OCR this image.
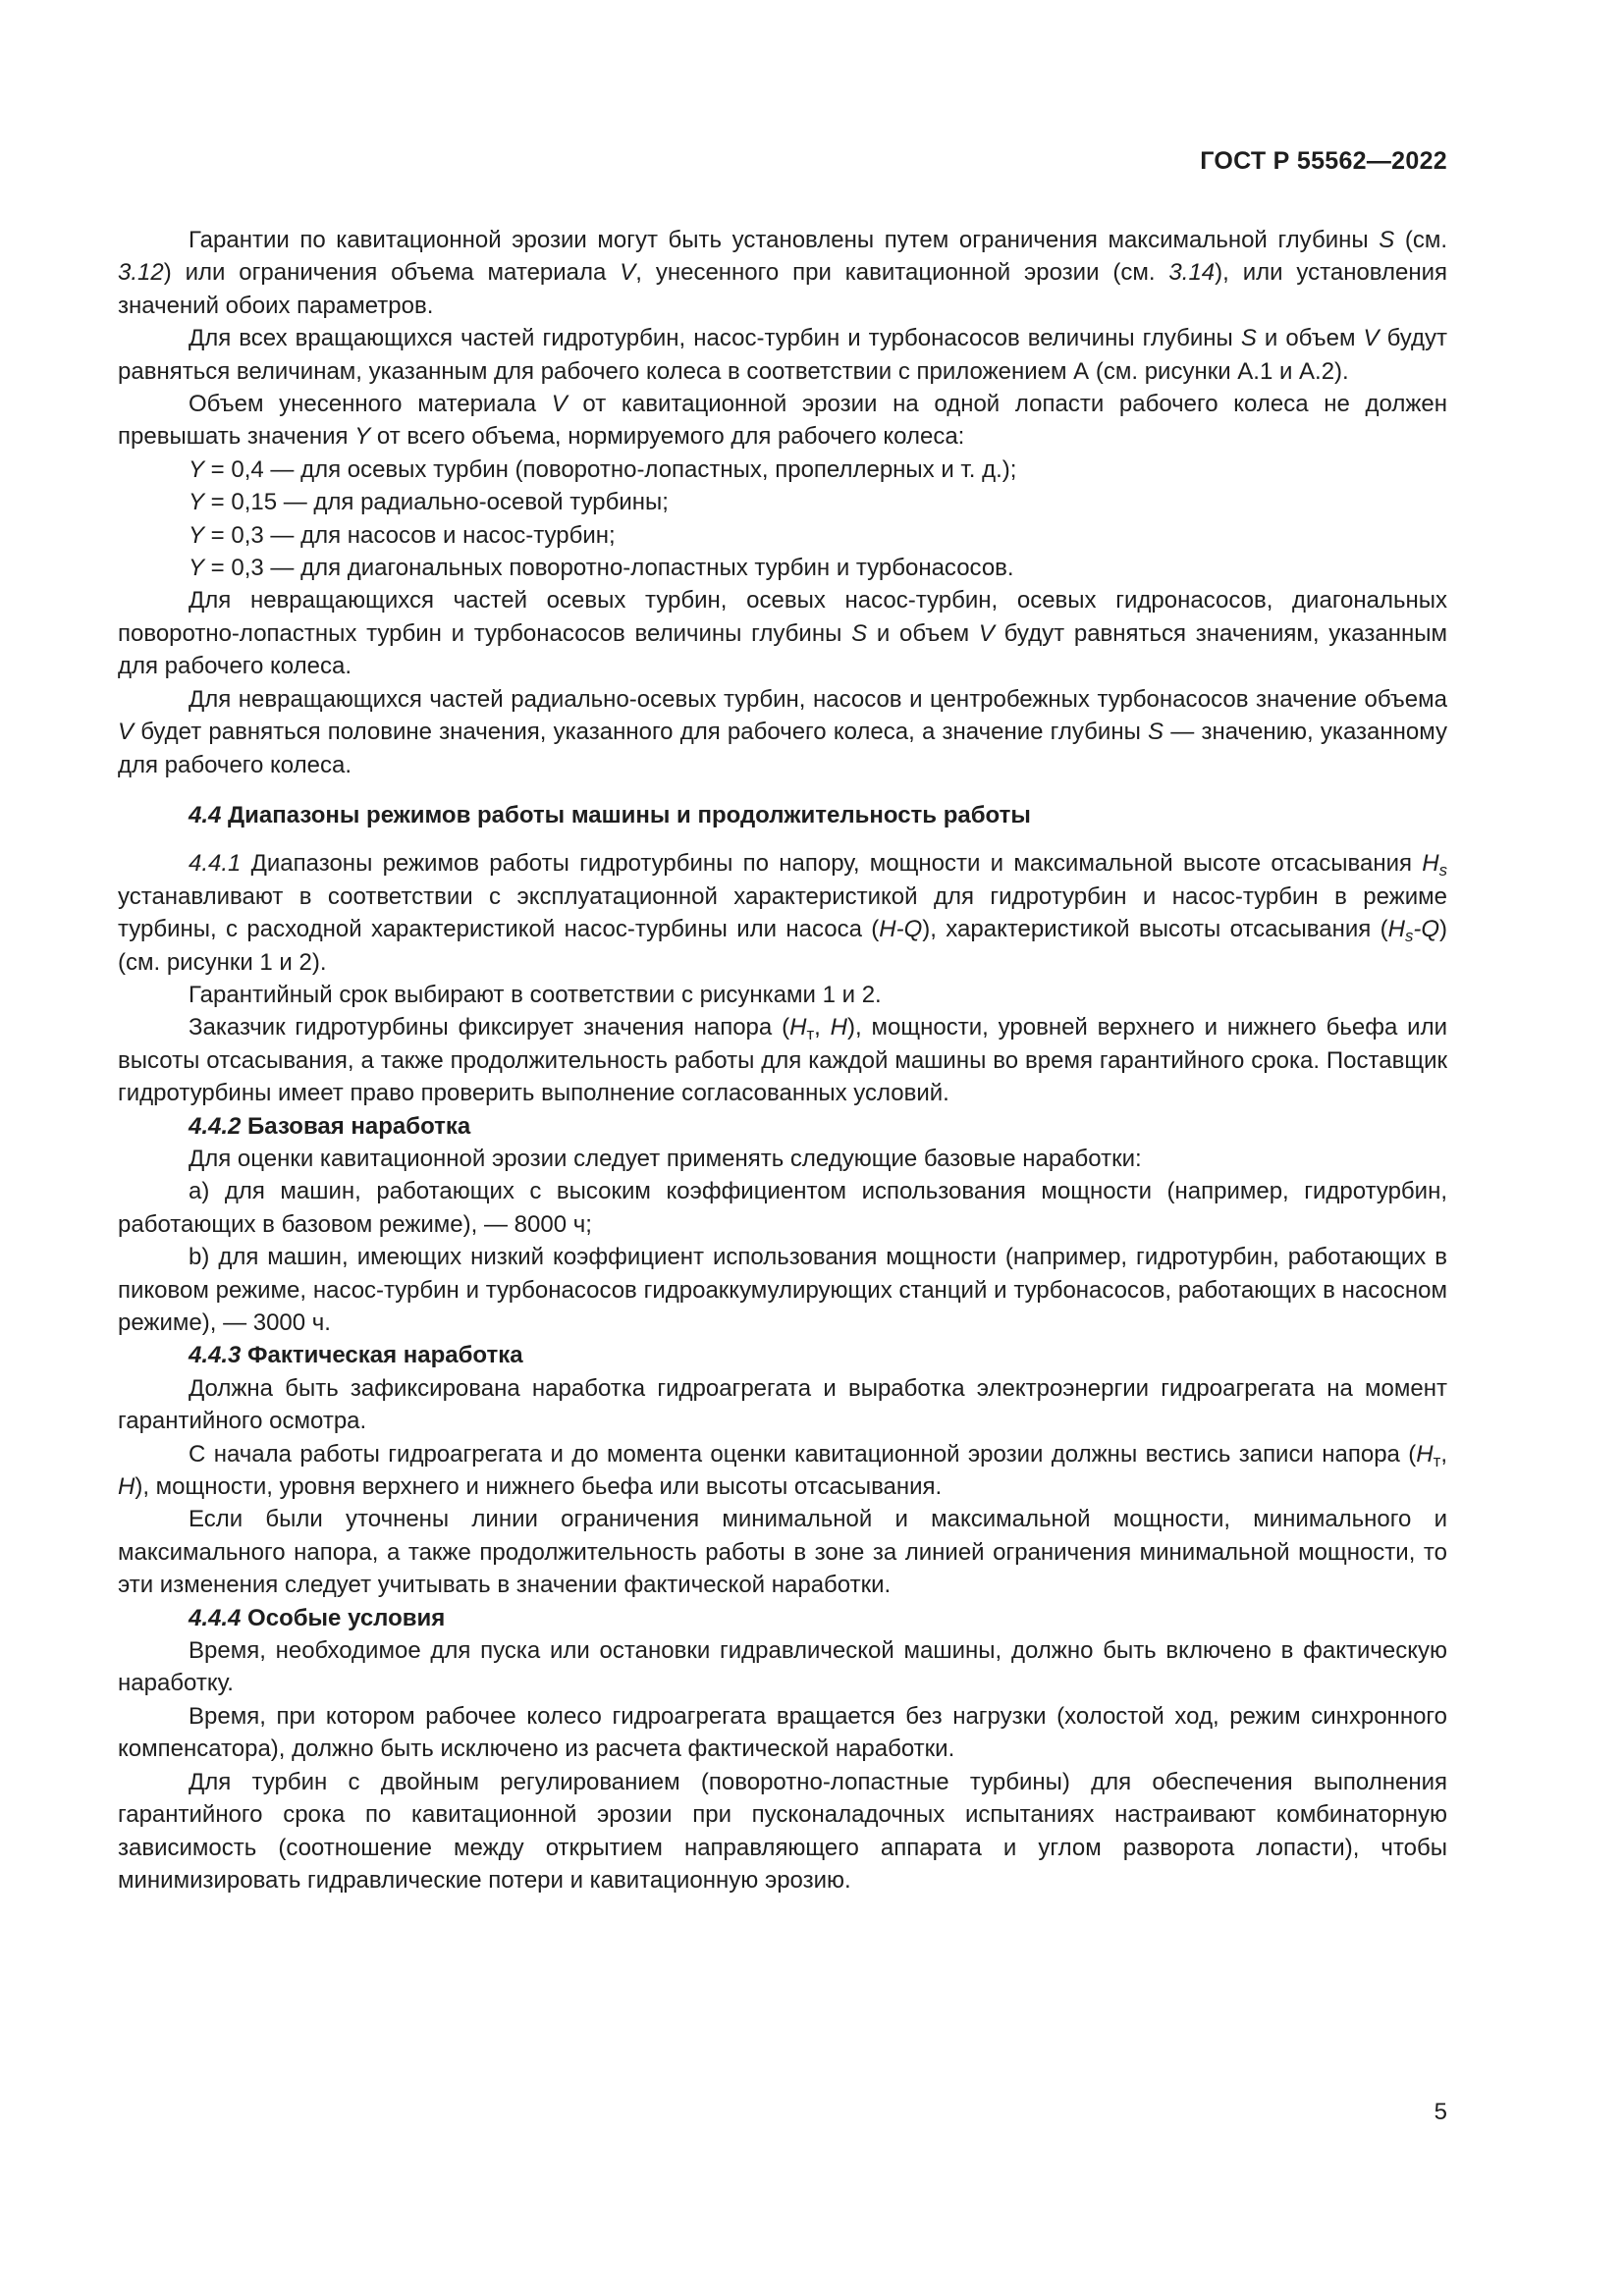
ГОСТ Р 55562—2022

Гарантии по кавитационной эрозии могут быть установлены путем ограничения максимальной глубины S (см. 3.12) или ограничения объема материала V, унесенного при кавитационной эрозии (см. 3.14), или установления значений обоих параметров.

Для всех вращающихся частей гидротурбин, насос-турбин и турбонасосов величины глубины S и объем V будут равняться величинам, указанным для рабочего колеса в соответствии с приложением А (см. рисунки А.1 и А.2).

Объем унесенного материала V от кавитационной эрозии на одной лопасти рабочего колеса не должен превышать значения Y от всего объема, нормируемого для рабочего колеса:

Y = 0,4 — для осевых турбин (поворотно-лопастных, пропеллерных и т. д.);

Y = 0,15 — для радиально-осевой турбины;

Y = 0,3 — для насосов и насос-турбин;

Y = 0,3 — для диагональных поворотно-лопастных турбин и турбонасосов.

Для невращающихся частей осевых турбин, осевых насос-турбин, осевых гидронасосов, диагональных поворотно-лопастных турбин и турбонасосов величины глубины S и объем V будут равняться значениям, указанным для рабочего колеса.

Для невращающихся частей радиально-осевых турбин, насосов и центробежных турбонасосов значение объема V будет равняться половине значения, указанного для рабочего колеса, а значение глубины S — значению, указанному для рабочего колеса.

4.4 Диапазоны режимов работы машины и продолжительность работы

4.4.1 Диапазоны режимов работы гидротурбины по напору, мощности и максимальной высоте отсасывания $H_s$ устанавливают в соответствии с эксплуатационной характеристикой для гидротурбин и насос-турбин в режиме турбины, с расходной характеристикой насос-турбины или насоса (H-Q), характеристикой высоты отсасывания $(H_s-Q)$ (см. рисунки 1 и 2).

Гарантийный срок выбирают в соответствии с рисунками 1 и 2.

Заказчик гидротурбины фиксирует значения напора ($H_т$, H), мощности, уровней верхнего и нижнего бьефа или высоты отсасывания, а также продолжительность работы для каждой машины во время гарантийного срока. Поставщик гидротурбины имеет право проверить выполнение согласованных условий.

4.4.2 Базовая наработка

Для оценки кавитационной эрозии следует применять следующие базовые наработки:

a) для машин, работающих с высоким коэффициентом использования мощности (например, гидротурбин, работающих в базовом режиме), — 8000 ч;

b) для машин, имеющих низкий коэффициент использования мощности (например, гидротурбин, работающих в пиковом режиме, насос-турбин и турбонасосов гидроаккумулирующих станций и турбонасосов, работающих в насосном режиме), — 3000 ч.

4.4.3 Фактическая наработка

Должна быть зафиксирована наработка гидроагрегата и выработка электроэнергии гидроагрегата на момент гарантийного осмотра.

С начала работы гидроагрегата и до момента оценки кавитационной эрозии должны вестись записи напора ($H_т$, H), мощности, уровня верхнего и нижнего бьефа или высоты отсасывания.

Если были уточнены линии ограничения минимальной и максимальной мощности, минимального и максимального напора, а также продолжительность работы в зоне за линией ограничения минимальной мощности, то эти изменения следует учитывать в значении фактической наработки.

4.4.4 Особые условия

Время, необходимое для пуска или остановки гидравлической машины, должно быть включено в фактическую наработку.

Время, при котором рабочее колесо гидроагрегата вращается без нагрузки (холостой ход, режим синхронного компенсатора), должно быть исключено из расчета фактической наработки.

Для турбин с двойным регулированием (поворотно-лопастные турбины) для обеспечения выполнения гарантийного срока по кавитационной эрозии при пусконаладочных испытаниях настраивают комбинаторную зависимость (соотношение между открытием направляющего аппарата и углом разворота лопасти), чтобы минимизировать гидравлические потери и кавитационную эрозию.

5
